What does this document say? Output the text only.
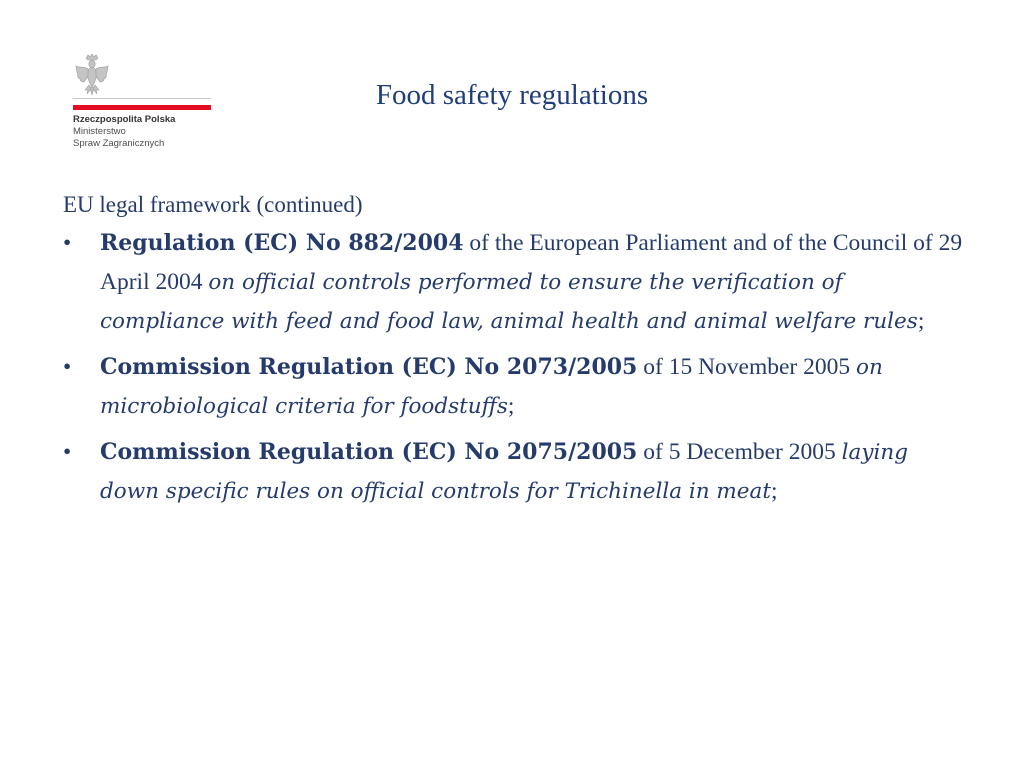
Rzeczpospolita Polska
Ministerstwo
Spraw Zagranicznych
Food safety regulations

EU legal framework (continued)

•	Regulation (EC) No 882/2004 of the European Parliament and of the Council of 29 April 2004 on official controls performed to ensure the verification of compliance with feed and food law, animal health and animal welfare rules;
•	Commission Regulation (EC) No 2073/2005 of 15 November 2005 on microbiological criteria for foodstuffs;
•	Commission Regulation (EC) No 2075/2005 of 5 December 2005 laying down specific rules on official controls for Trichinella in meat;
